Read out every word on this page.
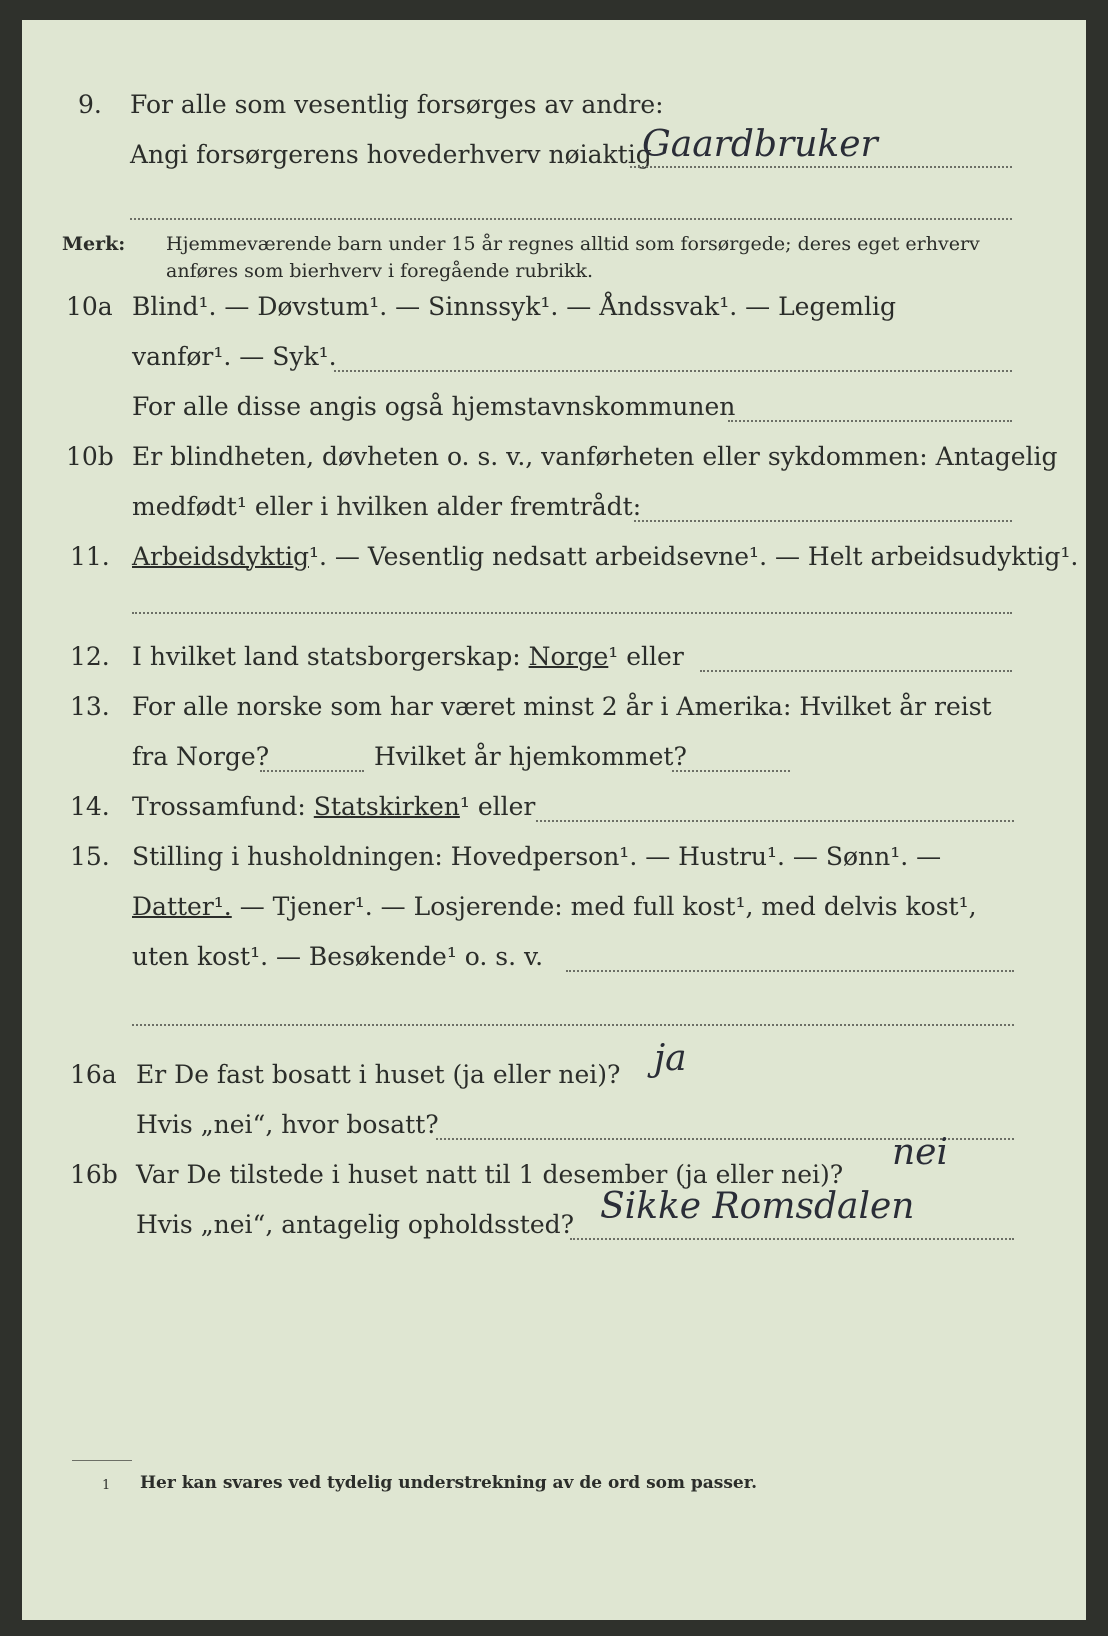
9. For alle som vesentlig forsørges av andre:
Angi forsørgerens hovederhverv nøiaktig
Gaardbruker
Merk: Hjemmeværende barn under 15 år regnes alltid som forsørgede; deres eget erhverv
anføres som bierhverv i foregående rubrikk.
10a Blind¹. — Døvstum¹. — Sinnssyk¹. — Åndssvak¹. — Legemlig
vanfør¹. — Syk¹.
For alle disse angis også hjemstavnskommunen
10b Er blindheten, døvheten o. s. v., vanførheten eller sykdommen: Antagelig
medfødt¹ eller i hvilken alder fremtrådt:
11. Arbeidsdyktig¹. — Vesentlig nedsatt arbeidsevne¹. — Helt arbeidsudyktig¹.
12. I hvilket land statsborgerskap: Norge¹ eller
13. For alle norske som har været minst 2 år i Amerika: Hvilket år reist
fra Norge?	Hvilket år hjemkommet?
14. Trossamfund: Statskirken¹ eller
15. Stilling i husholdningen: Hovedperson¹. — Hustru¹. — Sønn¹. —
Datter¹. — Tjener¹. — Losjerende: med full kost¹, med delvis kost¹,
uten kost¹. — Besøkende¹ o. s. v.
16a Er De fast bosatt i huset (ja eller nei)? ja
Hvis „nei“, hvor bosatt?
16b Var De tilstede i huset natt til 1 desember (ja eller nei)?
nei
Hvis „nei“, antagelig opholdssted? Sikke Romsdalen
1 Her kan svares ved tydelig understrekning av de ord som passer.
